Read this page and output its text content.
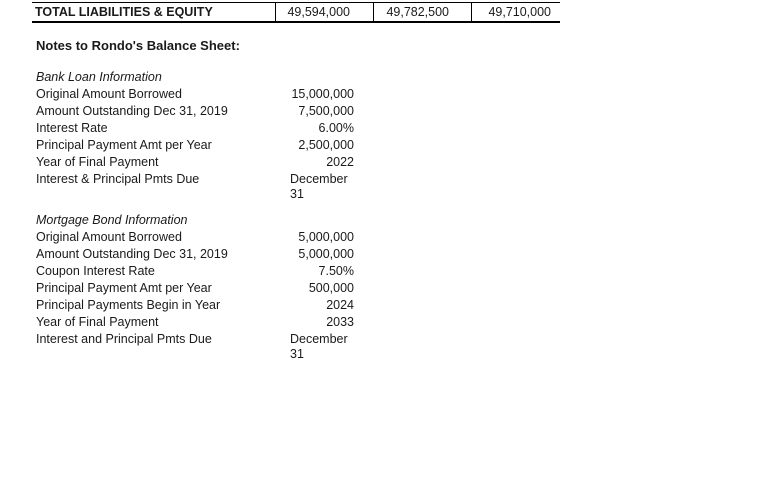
TOTAL LIABILITIES & EQUITY	49,594,000	49,782,500	49,710,000
Notes to Rondo's Balance Sheet:
Bank Loan Information
Original Amount Borrowed	15,000,000
Amount Outstanding Dec 31, 2019	7,500,000
Interest Rate	6.00%
Principal Payment Amt per Year	2,500,000
Year of Final Payment	2022
Interest & Principal Pmts Due	December 31
Mortgage Bond Information
Original Amount Borrowed	5,000,000
Amount Outstanding Dec 31, 2019	5,000,000
Coupon Interest Rate	7.50%
Principal Payment Amt per Year	500,000
Principal Payments Begin in Year	2024
Year of Final Payment	2033
Interest and Principal Pmts Due	December 31
